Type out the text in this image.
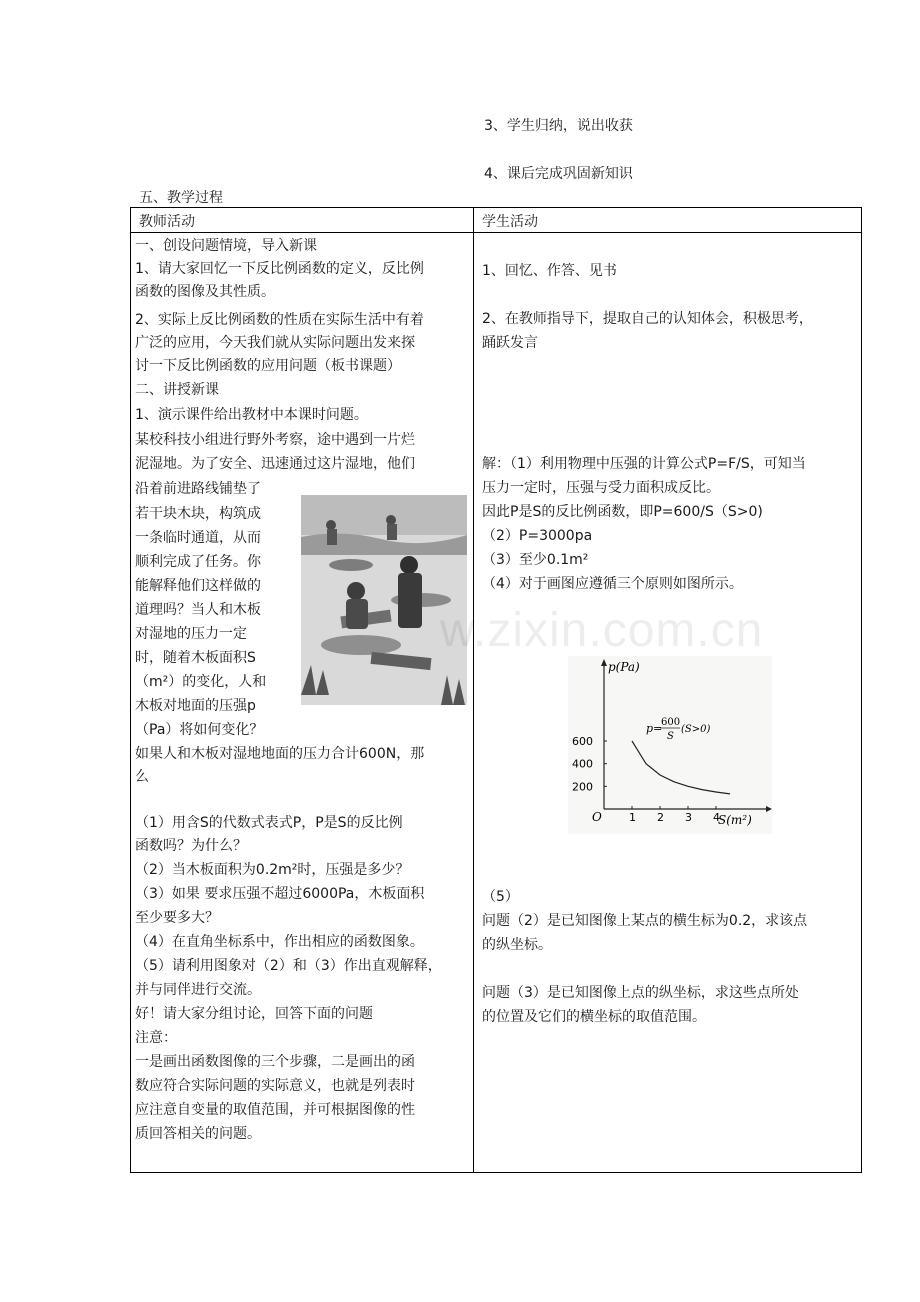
3、学生归纳，说出收获
4、课后完成巩固新知识
五、教学过程
教师活动	学生活动
一、创设问题情境，导入新课
1、请大家回忆一下反比例函数的定义，反比例
函数的图像及其性质。
2、实际上反比例函数的性质在实际生活中有着
广泛的应用，今天我们就从实际问题出发来探
讨一下反比例函数的应用问题（板书课题）
二、讲授新课
1、演示课件给出教材中本课时问题。
某校科技小组进行野外考察，途中遇到一片烂
泥湿地。为了安全、迅速通过这片湿地，他们
沿着前进路线铺垫了
若干块木块，构筑成
一条临时通道，从而
顺利完成了任务。你
能解释他们这样做的
道理吗？当人和木板
对湿地的压力一定
时，随着木板面积S
（m²）的变化，人和
木板对地面的压强p
（Pa）将如何变化？
如果人和木板对湿地地面的压力合计600N，那
么
（1）用含S的代数式表式P，P是S的反比例
函数吗？为什么？
（2）当木板面积为0.2m²时，压强是多少？
（3）如果 要求压强不超过6000Pa，木板面积
至少要多大？
（4）在直角坐标系中，作出相应的函数图象。
（5）请利用图象对（2）和（3）作出直观解释，
并与同伴进行交流。
好！请大家分组讨论，回答下面的问题
注意：
一是画出函数图像的三个步骤，二是画出的函
数应符合实际问题的实际意义，也就是列表时
应注意自变量的取值范围，并可根据图像的性
质回答相关的问题。
1、回忆、作答、见书
2、在教师指导下，提取自己的认知体会，积极思考，
踊跃发言
解：（1）利用物理中压强的计算公式P=F/S，可知当
压力一定时，压强与受力面积成反比。
因此P是S的反比例函数，即P=600/S（S>0)
（2）P=3000pa
（3）至少0.1m²
（4）对于画图应遵循三个原则如图所示。
p(Pa)
S(m²)
O 1 2 3 4
200
400
600
p=
600
S
(S>0)
（5）
问题（2）是已知图像上某点的横生标为0.2，求该点
的纵坐标。
问题（3）是已知图像上点的纵坐标，求这些点所处
的位置及它们的横坐标的取值范围。
w.zixin.com.cn
